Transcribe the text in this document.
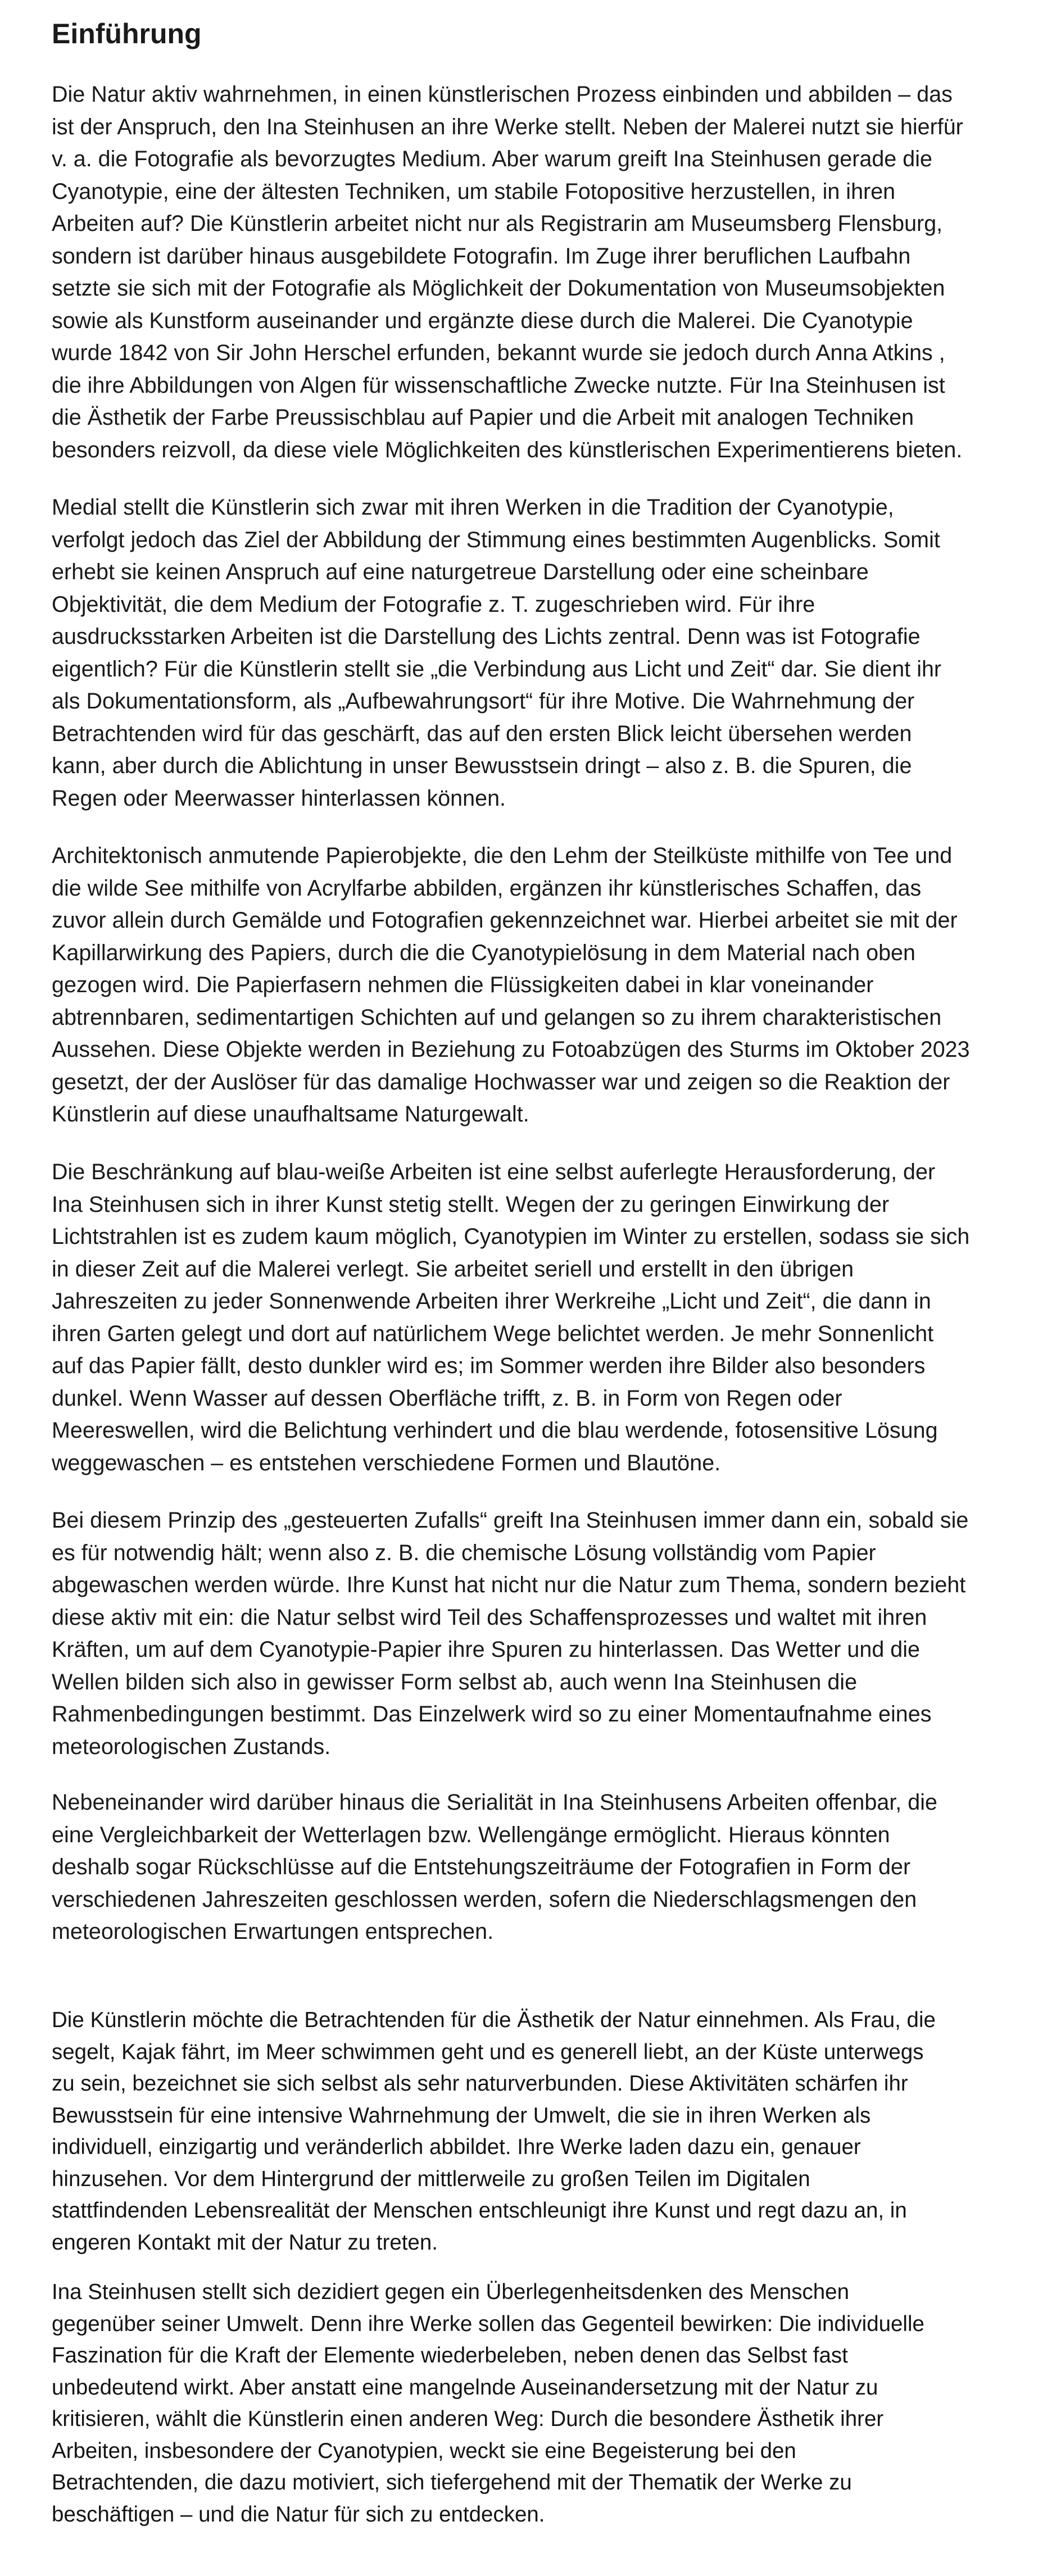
Einführung
Die Natur aktiv wahrnehmen, in einen künstlerischen Prozess einbinden und abbilden – das
ist der Anspruch, den Ina Steinhusen an ihre Werke stellt. Neben der Malerei nutzt sie hierfür
v. a. die Fotografie als bevorzugtes Medium. Aber warum greift Ina Steinhusen gerade die
Cyanotypie, eine der ältesten Techniken, um stabile Fotopositive herzustellen, in ihren
Arbeiten auf? Die Künstlerin arbeitet nicht nur als Registrarin am Museumsberg Flensburg,
sondern ist darüber hinaus ausgebildete Fotografin. Im Zuge ihrer beruflichen Laufbahn
setzte sie sich mit der Fotografie als Möglichkeit der Dokumentation von Museumsobjekten
sowie als Kunstform auseinander und ergänzte diese durch die Malerei. Die Cyanotypie
wurde 1842 von Sir John Herschel erfunden, bekannt wurde sie jedoch durch Anna Atkins ,
die ihre Abbildungen von Algen für wissenschaftliche Zwecke nutzte. Für Ina Steinhusen ist
die Ästhetik der Farbe Preussischblau auf Papier und die Arbeit mit analogen Techniken
besonders reizvoll, da diese viele Möglichkeiten des künstlerischen Experimentierens bieten.
Medial stellt die Künstlerin sich zwar mit ihren Werken in die Tradition der Cyanotypie,
verfolgt jedoch das Ziel der Abbildung der Stimmung eines bestimmten Augenblicks. Somit
erhebt sie keinen Anspruch auf eine naturgetreue Darstellung oder eine scheinbare
Objektivität, die dem Medium der Fotografie z. T. zugeschrieben wird. Für ihre
ausdrucksstarken Arbeiten ist die Darstellung des Lichts zentral. Denn was ist Fotografie
eigentlich? Für die Künstlerin stellt sie „die Verbindung aus Licht und Zeit“ dar. Sie dient ihr
als Dokumentationsform, als „Aufbewahrungsort“ für ihre Motive. Die Wahrnehmung der
Betrachtenden wird für das geschärft, das auf den ersten Blick leicht übersehen werden
kann, aber durch die Ablichtung in unser Bewusstsein dringt – also z. B. die Spuren, die
Regen oder Meerwasser hinterlassen können.
Architektonisch anmutende Papierobjekte, die den Lehm der Steilküste mithilfe von Tee und
die wilde See mithilfe von Acrylfarbe abbilden, ergänzen ihr künstlerisches Schaffen, das
zuvor allein durch Gemälde und Fotografien gekennzeichnet war. Hierbei arbeitet sie mit der
Kapillarwirkung des Papiers, durch die die Cyanotypielösung in dem Material nach oben
gezogen wird. Die Papierfasern nehmen die Flüssigkeiten dabei in klar voneinander
abtrennbaren, sedimentartigen Schichten auf und gelangen so zu ihrem charakteristischen
Aussehen. Diese Objekte werden in Beziehung zu Fotoabzügen des Sturms im Oktober 2023
gesetzt, der der Auslöser für das damalige Hochwasser war und zeigen so die Reaktion der
Künstlerin auf diese unaufhaltsame Naturgewalt.
Die Beschränkung auf blau-weiße Arbeiten ist eine selbst auferlegte Herausforderung, der
Ina Steinhusen sich in ihrer Kunst stetig stellt. Wegen der zu geringen Einwirkung der
Lichtstrahlen ist es zudem kaum möglich, Cyanotypien im Winter zu erstellen, sodass sie sich
in dieser Zeit auf die Malerei verlegt. Sie arbeitet seriell und erstellt in den übrigen
Jahreszeiten zu jeder Sonnenwende Arbeiten ihrer Werkreihe „Licht und Zeit“, die dann in
ihren Garten gelegt und dort auf natürlichem Wege belichtet werden. Je mehr Sonnenlicht
auf das Papier fällt, desto dunkler wird es; im Sommer werden ihre Bilder also besonders
dunkel. Wenn Wasser auf dessen Oberfläche trifft, z. B. in Form von Regen oder
Meereswellen, wird die Belichtung verhindert und die blau werdende, fotosensitive Lösung
weggewaschen – es entstehen verschiedene Formen und Blautöne.
Bei diesem Prinzip des „gesteuerten Zufalls“ greift Ina Steinhusen immer dann ein, sobald sie
es für notwendig hält; wenn also z. B. die chemische Lösung vollständig vom Papier
abgewaschen werden würde. Ihre Kunst hat nicht nur die Natur zum Thema, sondern bezieht
diese aktiv mit ein: die Natur selbst wird Teil des Schaffensprozesses und waltet mit ihren
Kräften, um auf dem Cyanotypie-Papier ihre Spuren zu hinterlassen. Das Wetter und die
Wellen bilden sich also in gewisser Form selbst ab, auch wenn Ina Steinhusen die
Rahmenbedingungen bestimmt. Das Einzelwerk wird so zu einer Momentaufnahme eines
meteorologischen Zustands.
Nebeneinander wird darüber hinaus die Serialität in Ina Steinhusens Arbeiten offenbar, die
eine Vergleichbarkeit der Wetterlagen bzw. Wellengänge ermöglicht. Hieraus könnten
deshalb sogar Rückschlüsse auf die Entstehungszeiträume der Fotografien in Form der
verschiedenen Jahreszeiten geschlossen werden, sofern die Niederschlagsmengen den
meteorologischen Erwartungen entsprechen.
Die Künstlerin möchte die Betrachtenden für die Ästhetik der Natur einnehmen. Als Frau, die
segelt, Kajak fährt, im Meer schwimmen geht und es generell liebt, an der Küste unterwegs
zu sein, bezeichnet sie sich selbst als sehr naturverbunden. Diese Aktivitäten schärfen ihr
Bewusstsein für eine intensive Wahrnehmung der Umwelt, die sie in ihren Werken als
individuell, einzigartig und veränderlich abbildet. Ihre Werke laden dazu ein, genauer
hinzusehen. Vor dem Hintergrund der mittlerweile zu großen Teilen im Digitalen
stattfindenden Lebensrealität der Menschen entschleunigt ihre Kunst und regt dazu an, in
engeren Kontakt mit der Natur zu treten.
Ina Steinhusen stellt sich dezidiert gegen ein Überlegenheitsdenken des Menschen
gegenüber seiner Umwelt. Denn ihre Werke sollen das Gegenteil bewirken: Die individuelle
Faszination für die Kraft der Elemente wiederbeleben, neben denen das Selbst fast
unbedeutend wirkt. Aber anstatt eine mangelnde Auseinandersetzung mit der Natur zu
kritisieren, wählt die Künstlerin einen anderen Weg: Durch die besondere Ästhetik ihrer
Arbeiten, insbesondere der Cyanotypien, weckt sie eine Begeisterung bei den
Betrachtenden, die dazu motiviert, sich tiefergehend mit der Thematik der Werke zu
beschäftigen – und die Natur für sich zu entdecken.
